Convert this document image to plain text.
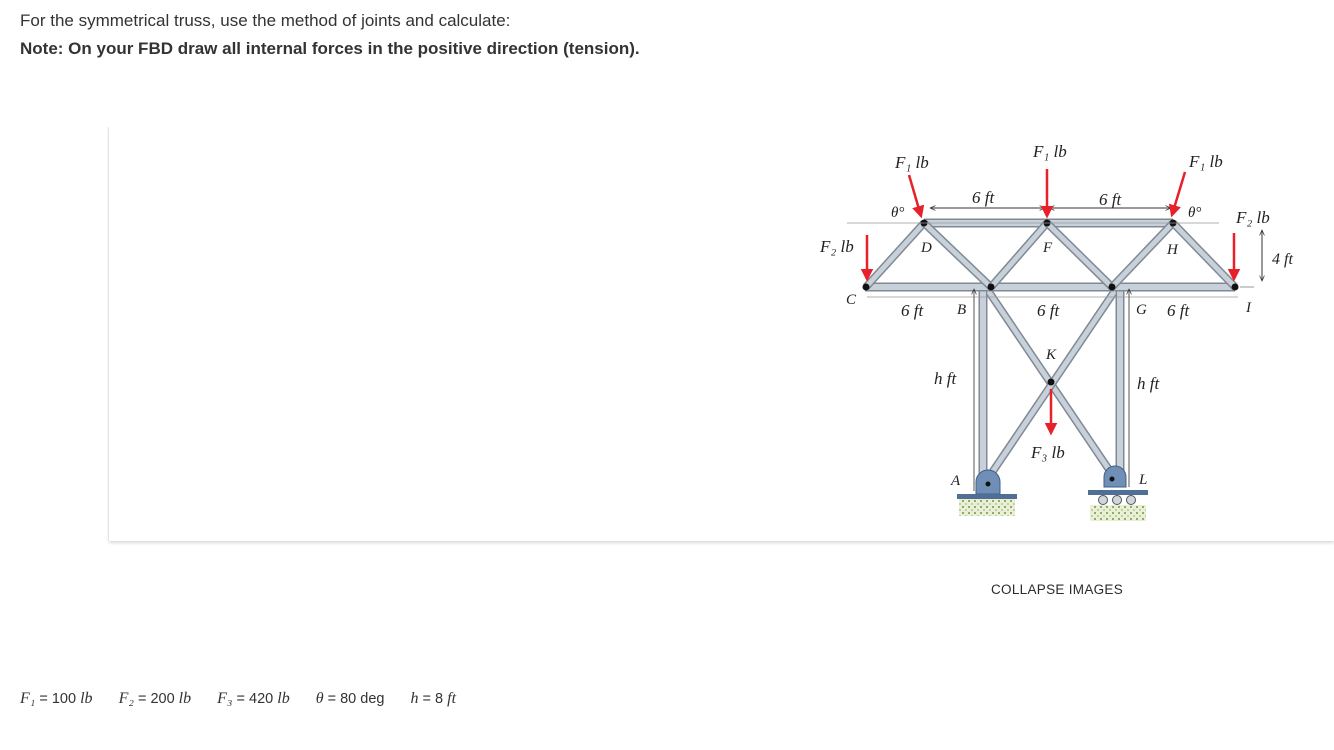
For the symmetrical truss, use the method of joints and calculate:
Note: On your FBD draw all internal forces in the positive direction (tension).
F₁ lb
F₁ lb
F₁ lb
F₂ lb
F₂ lb
F₃ lb
θ°	θ°
6 ft	6 ft
6 ft	6 ft	6 ft
4 ft
h ft	h ft
A
B
C
D	F
G
H
I
K
L
COLLAPSE IMAGES
F₁ = 100 lb F₂ = 200 lb F₃ = 420 lb θ = 80 deg h = 8 ft
